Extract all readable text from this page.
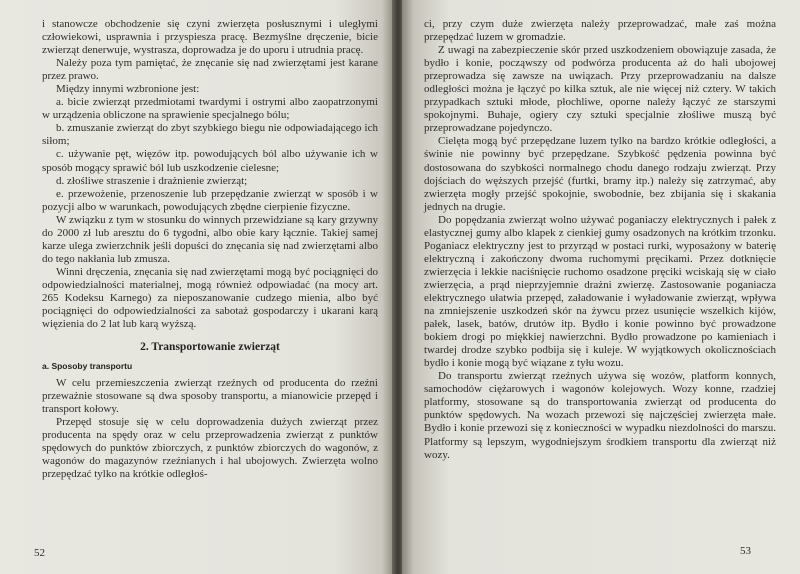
i stanowcze obchodzenie się czyni zwierzęta posłusznymi i uległymi człowiekowi, usprawnia i przyspiesza pracę. Bezmyślne dręczenie, bicie zwierząt denerwuje, wystrasza, doprowadza je do uporu i utrudnia pracę.

Należy poza tym pamiętać, że znęcanie się nad zwierzętami jest karane przez prawo.

Między innymi wzbronione jest:

a. bicie zwierząt przedmiotami twardymi i ostrymi albo zaopatrzonymi w urządzenia obliczone na sprawienie specjalnego bólu;

b. zmuszanie zwierząt do zbyt szybkiego biegu nie odpowiadającego ich siłom;

c. używanie pęt, więzów itp. powodujących ból albo używanie ich w sposób mogący sprawić ból lub uszkodzenie cielesne;

d. złośliwe straszenie i drażnienie zwierząt;

e. przewożenie, przenoszenie lub przepędzanie zwierząt w sposób i w pozycji albo w warunkach, powodujących zbędne cierpienie fizyczne.

W związku z tym w stosunku do winnych przewidziane są kary grzywny do 2000 zł lub aresztu do 6 tygodni, albo obie kary łącznie. Takiej samej karze ulega zwierzchnik jeśli dopuści do znęcania się nad zwierzętami albo do tego nakłania lub zmusza.

Winni dręczenia, znęcania się nad zwierzętami mogą być pociągnięci do odpowiedzialności materialnej, mogą również odpowiadać (na mocy art. 265 Kodeksu Karnego) za nieposzanowanie cudzego mienia, albo być pociągnięci do odpowiedzialności za sabotaż gospodarczy i ukarani karą więzienia do 2 lat lub karą wyższą.

2. Transportowanie zwierząt
a. Sposoby transportu

W celu przemieszczenia zwierząt rzeźnych od producenta do rzeźni przeważnie stosowane są dwa sposoby transportu, a mianowicie przepęd i transport kołowy.

Przepęd stosuje się w celu doprowadzenia dużych zwierząt przez producenta na spędy oraz w celu przeprowadzenia zwierząt z punktów spędowych do punktów zbiorczych, z punktów zbiorczych do wagonów, z wagonów do magazynów rzeźnianych i hal ubojowych. Zwierzęta wolno przepędzać tylko na krótkie odległoś-

52

ci, przy czym duże zwierzęta należy przeprowadzać, małe zaś można przepędzać luzem w gromadzie.

Z uwagi na zabezpieczenie skór przed uszkodzeniem obowiązuje zasada, że bydło i konie, począwszy od podwórza producenta aż do hali ubojowej przeprowadza się zawsze na uwiązach. Przy przeprowadzaniu na dalsze odległości można je łączyć po kilka sztuk, ale nie więcej niż cztery. W takich przypadkach sztuki młode, płochliwe, oporne należy łączyć ze starszymi spokojnymi. Buhaje, ogiery czy sztuki specjalnie złośliwe muszą być przeprowadzane pojedynczo.

Cielęta mogą być przepędzane luzem tylko na bardzo krótkie odległości, a świnie nie powinny być przepędzane. Szybkość pędzenia powinna być dostosowana do szybkości normalnego chodu danego rodzaju zwierząt. Przy dojściach do węższych przejść (furtki, bramy itp.) należy się zatrzymać, aby zwierzęta mogły przejść spokojnie, swobodnie, bez zbijania się i skakania jednych na drugie.

Do popędzania zwierząt wolno używać poganiaczy elektrycznych i pałek z elastycznej gumy albo klapek z cienkiej gumy osadzonych na krótkim trzonku. Poganiacz elektryczny jest to przyrząd w postaci rurki, wyposażony w baterię elektryczną i zakończony dwoma ruchomymi pręcikami. Przez dotknięcie zwierzęcia i lekkie naciśnięcie ruchomo osadzone pręciki wciskają się w ciało zwierzęcia, a prąd nieprzyjemnie drażni zwierzę. Zastosowanie poganiacza elektrycznego ułatwia przepęd, załadowanie i wyładowanie zwierząt, wpływa na zmniejszenie uszkodzeń skór na żywcu przez usunięcie wszelkich kijów, pałek, lasek, batów, drutów itp. Bydło i konie powinno być prowadzone bokiem drogi po miękkiej nawierzchni. Bydło prowadzone po kamieniach i twardej drodze szybko podbija się i kuleje. W wyjątkowych okolicznościach bydło i konie mogą być wiązane z tyłu wozu.

Do transportu zwierząt rzeźnych używa się wozów, platform konnych, samochodów ciężarowych i wagonów kolejowych. Wozy konne, rzadziej platformy, stosowane są do transportowania zwierząt od producenta do punktów spędowych. Na wozach przewozi się najczęściej zwierzęta małe. Bydło i konie przewozi się z konieczności w wypadku niezdolności do marszu. Platformy są lepszym, wygodniejszym środkiem transportu dla zwierząt niż wozy.

53
